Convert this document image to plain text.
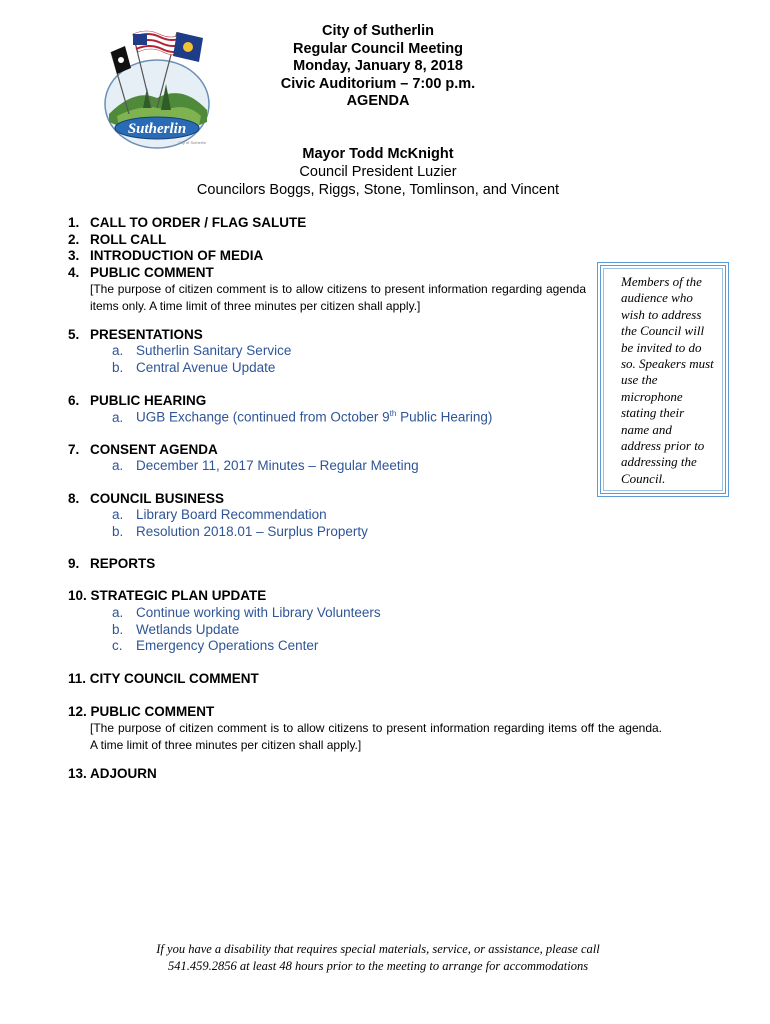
Sutherlin
City of Sutherlin
City of Sutherlin
Regular Council Meeting
Monday, January 8, 2018
Civic Auditorium – 7:00 p.m.
AGENDA
Mayor Todd McKnight
Council President Luzier
Councilors Boggs, Riggs, Stone, Tomlinson, and Vincent
Members of the audience who wish to address the Council will be invited to do so. Speakers must use the microphone stating their name and address prior to addressing the Council.
1. CALL TO ORDER / FLAG SALUTE
2. ROLL CALL
3. INTRODUCTION OF MEDIA
4. PUBLIC COMMENT
[The purpose of citizen comment is to allow citizens to present information regarding agenda items only. A time limit of three minutes per citizen shall apply.]
5. PRESENTATIONS
a. Sutherlin Sanitary Service
b. Central Avenue Update
6. PUBLIC HEARING
a. UGB Exchange (continued from October 9th Public Hearing)
7. CONSENT AGENDA
a. December 11, 2017 Minutes – Regular Meeting
8. COUNCIL BUSINESS
a. Library Board Recommendation
b. Resolution 2018.01 – Surplus Property
9. REPORTS
10. STRATEGIC PLAN UPDATE
a. Continue working with Library Volunteers
b. Wetlands Update
c. Emergency Operations Center
11. CITY COUNCIL COMMENT
12. PUBLIC COMMENT
[The purpose of citizen comment is to allow citizens to present information regarding items off the agenda. A time limit of three minutes per citizen shall apply.]
13. ADJOURN
If you have a disability that requires special materials, service, or assistance, please call
541.459.2856 at least 48 hours prior to the meeting to arrange for accommodations
